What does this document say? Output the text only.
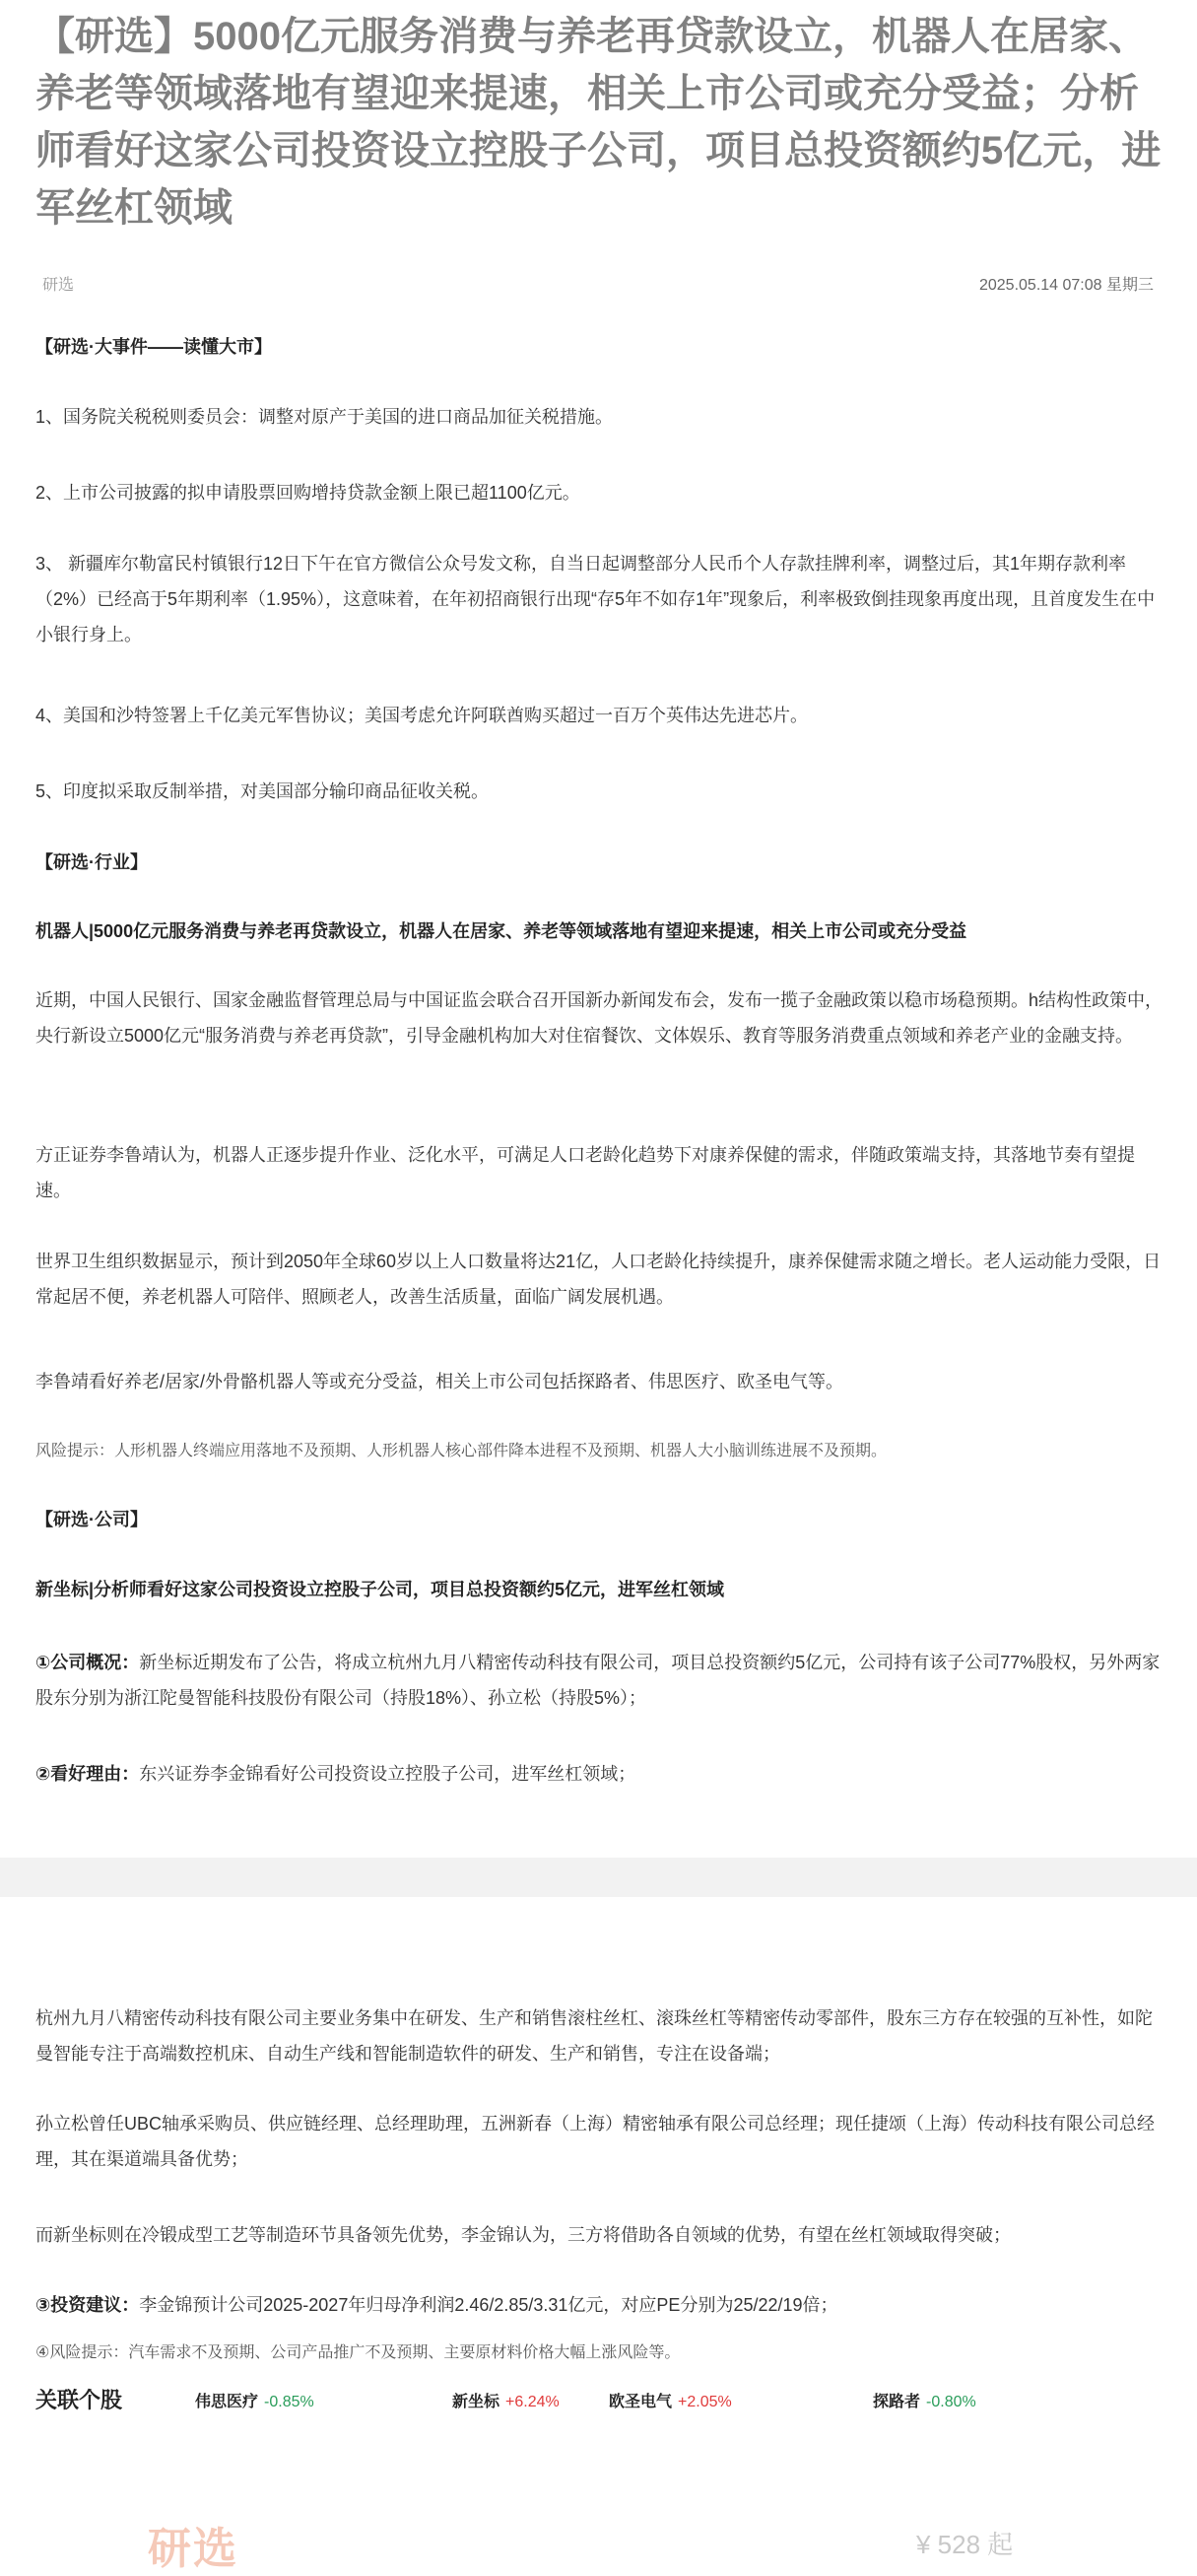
【研选】5000亿元服务消费与养老再贷款设立，机器人在居家、养老等领域落地有望迎来提速，相关上市公司或充分受益；分析师看好这家公司投资设立控股子公司，项目总投资额约5亿元，进军丝杠领域
研选	2025.05.14 07:08 星期三

【研选·大事件——读懂大市】

1、国务院关税税则委员会：调整对原产于美国的进口商品加征关税措施。

2、上市公司披露的拟申请股票回购增持贷款金额上限已超1100亿元。

3、 新疆库尔勒富民村镇银行12日下午在官方微信公众号发文称，自当日起调整部分人民币个人存款挂牌利率，调整过后，其1年期存款利率（2%）已经高于5年期利率（1.95%），这意味着，在年初招商银行出现“存5年不如存1年”现象后，利率极致倒挂现象再度出现，且首度发生在中小银行身上。

4、美国和沙特签署上千亿美元军售协议；美国考虑允许阿联酋购买超过一百万个英伟达先进芯片。

5、印度拟采取反制举措，对美国部分输印商品征收关税。

【研选·行业】

机器人|5000亿元服务消费与养老再贷款设立，机器人在居家、养老等领域落地有望迎来提速，相关上市公司或充分受益

近期，中国人民银行、国家金融监督管理总局与中国证监会联合召开国新办新闻发布会，发布一揽子金融政策以稳市场稳预期。h结构性政策中，央行新设立5000亿元“服务消费与养老再贷款”，引导金融机构加大对住宿餐饮、文体娱乐、教育等服务消费重点领域和养老产业的金融支持。

方正证券李鲁靖认为，机器人正逐步提升作业、泛化水平，可满足人口老龄化趋势下对康养保健的需求，伴随政策端支持，其落地节奏有望提速。

世界卫生组织数据显示，预计到2050年全球60岁以上人口数量将达21亿，人口老龄化持续提升，康养保健需求随之增长。老人运动能力受限，日常起居不便，养老机器人可陪伴、照顾老人，改善生活质量，面临广阔发展机遇。

李鲁靖看好养老/居家/外骨骼机器人等或充分受益，相关上市公司包括探路者、伟思医疗、欧圣电气等。

风险提示：人形机器人终端应用落地不及预期、人形机器人核心部件降本进程不及预期、机器人大小脑训练进展不及预期。

【研选·公司】

新坐标|分析师看好这家公司投资设立控股子公司，项目总投资额约5亿元，进军丝杠领域

①公司概况：新坐标近期发布了公告，将成立杭州九月八精密传动科技有限公司，项目总投资额约5亿元，公司持有该子公司77%股权，另外两家股东分别为浙江陀曼智能科技股份有限公司（持股18%）、孙立松（持股5%）；

②看好理由：东兴证券李金锦看好公司投资设立控股子公司，进军丝杠领域；

杭州九月八精密传动科技有限公司主要业务集中在研发、生产和销售滚柱丝杠、滚珠丝杠等精密传动零部件，股东三方存在较强的互补性，如陀曼智能专注于高端数控机床、自动生产线和智能制造软件的研发、生产和销售，专注在设备端；

孙立松曾任UBC轴承采购员、供应链经理、总经理助理，五洲新春（上海）精密轴承有限公司总经理；现任捷颂（上海）传动科技有限公司总经理，其在渠道端具备优势；

而新坐标则在冷锻成型工艺等制造环节具备领先优势，李金锦认为，三方将借助各自领域的优势，有望在丝杠领域取得突破；

③投资建议：李金锦预计公司2025-2027年归母净利润2.46/2.85/3.31亿元，对应PE分别为25/22/19倍；

④风险提示：汽车需求不及预期、公司产品推广不及预期、主要原材料价格大幅上涨风险等。

关联个股	伟思医疗 -0.85%	新坐标 +6.24%	欧圣电气 +2.05%	探路者 -0.80%
研选	¥ 528 起
